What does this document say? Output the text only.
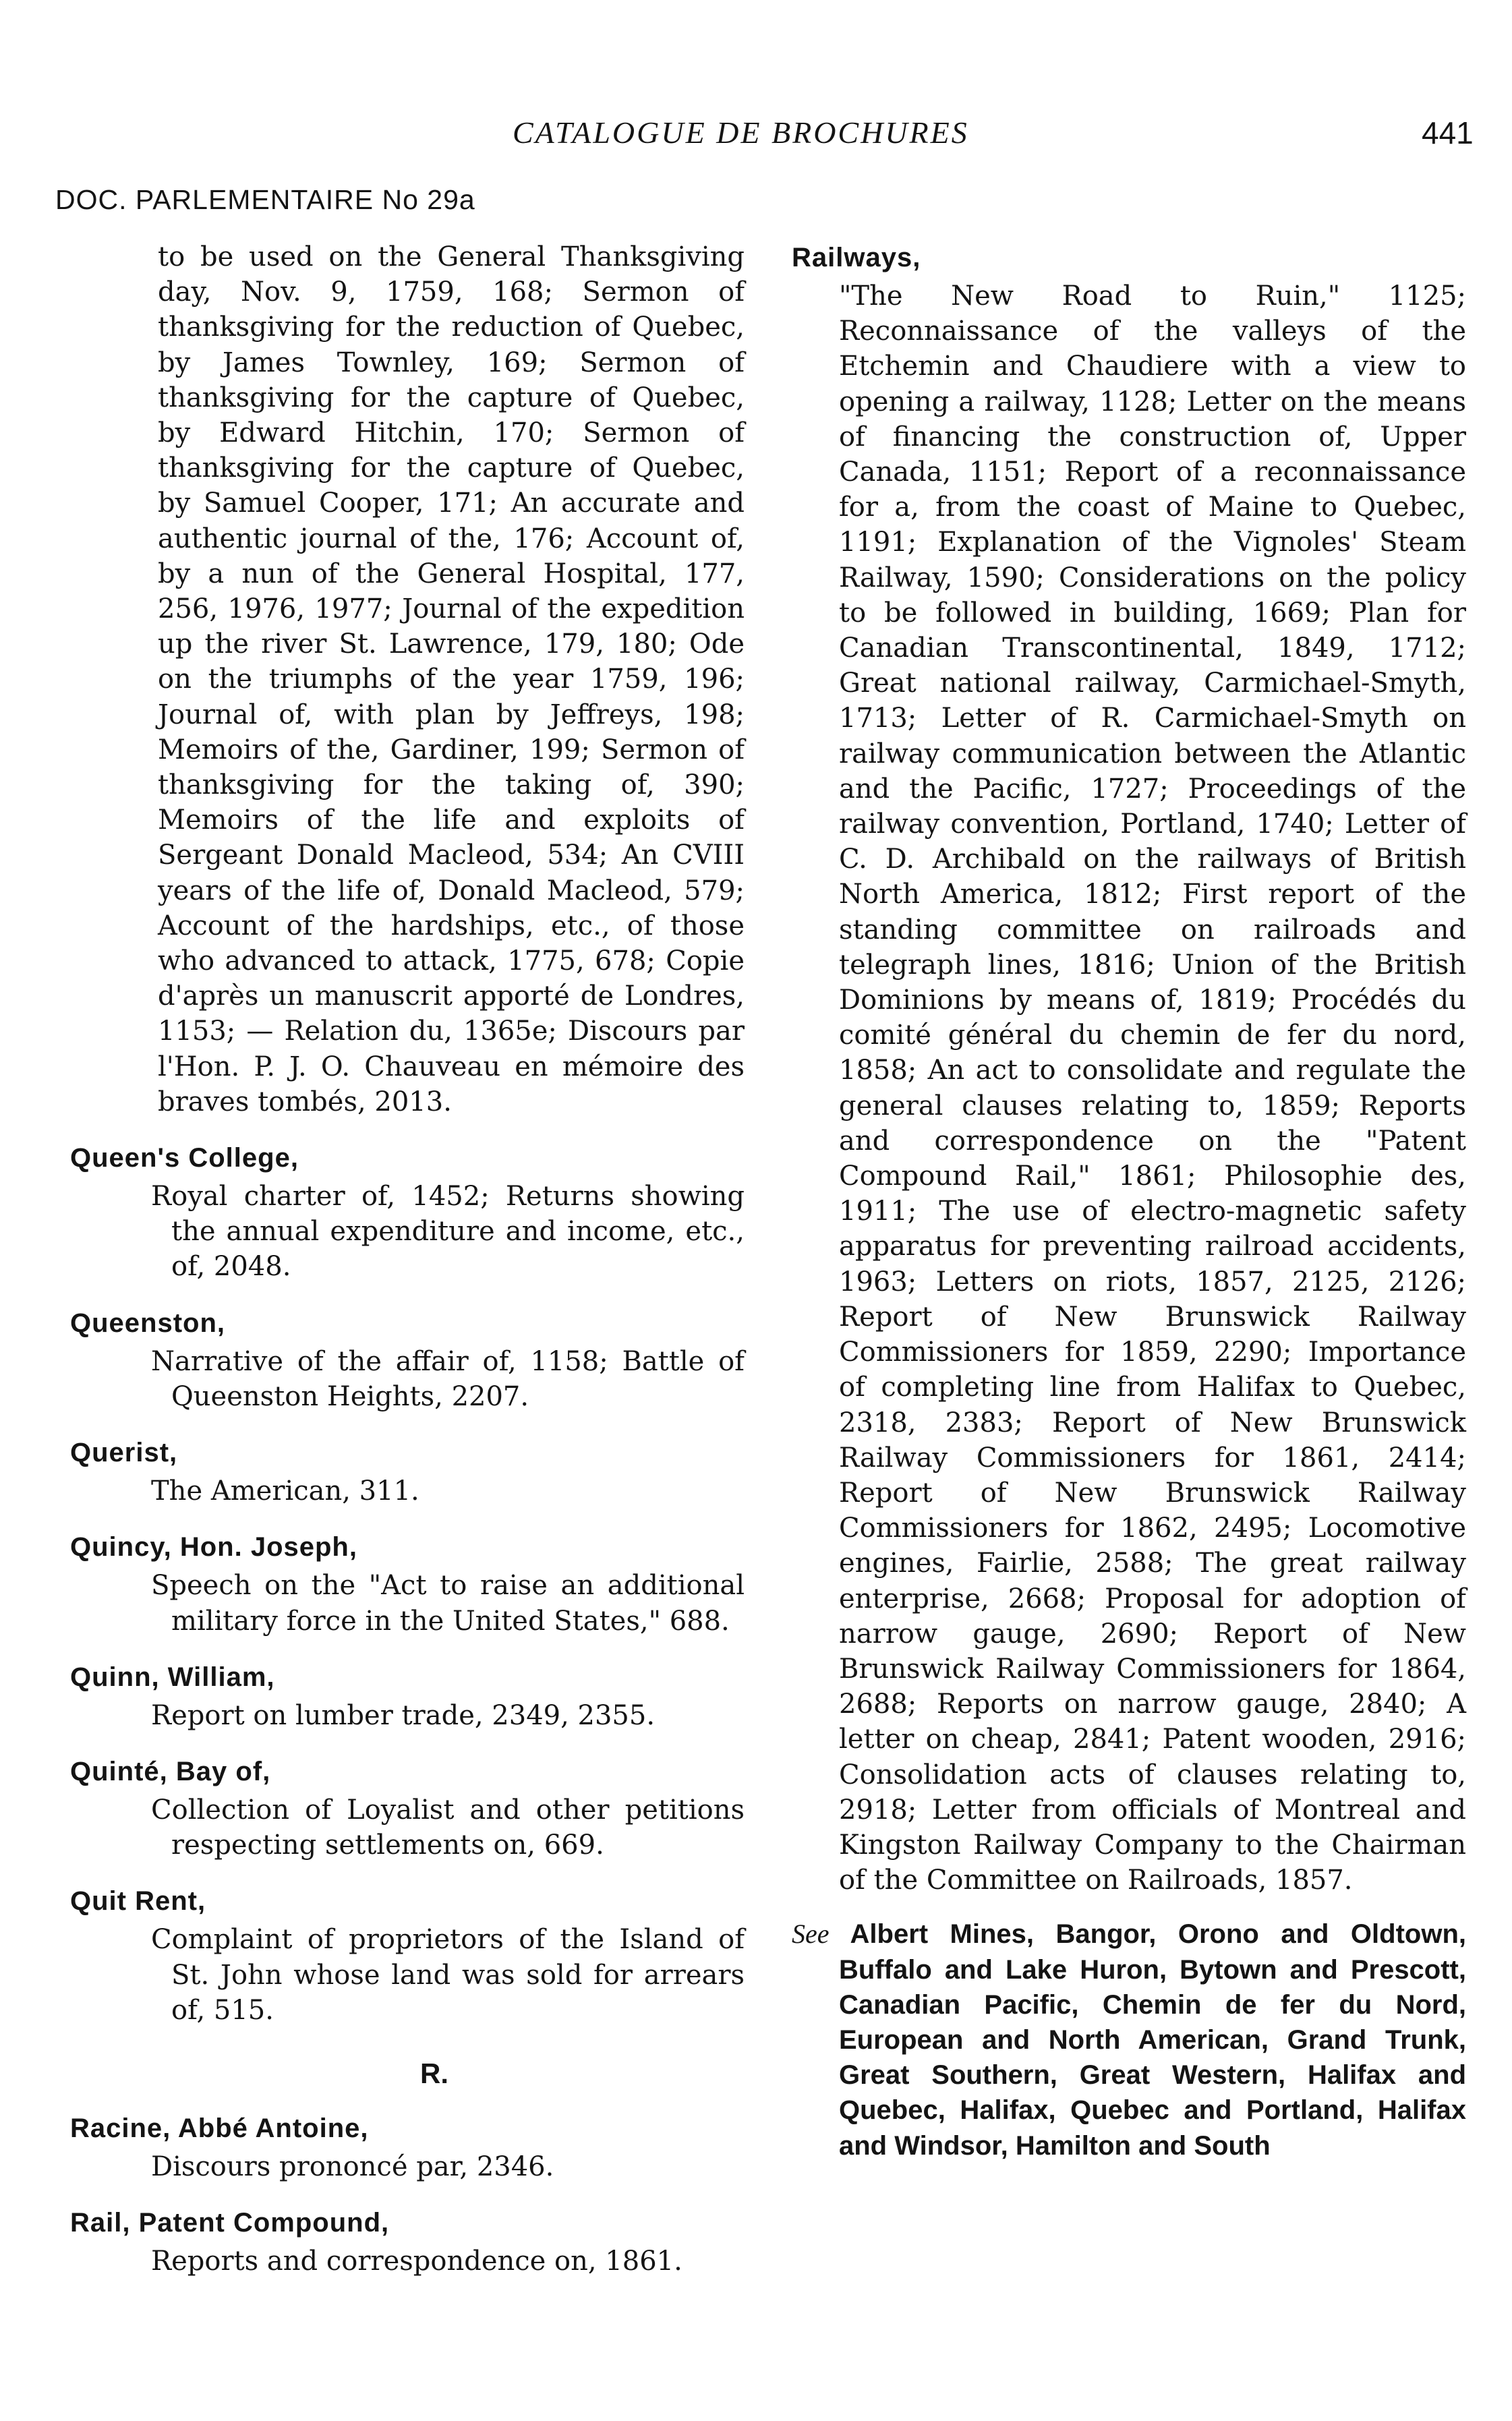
CATALOGUE DE BROCHURES	441
DOC. PARLEMENTAIRE No 29a

to be used on the General Thanksgiving day, Nov. 9, 1759, 168; Sermon of thanksgiving for the reduction of Quebec, by James Townley, 169; Sermon of thanksgiving for the capture of Quebec, by Edward Hitchin, 170; Sermon of thanksgiving for the capture of Quebec, by Samuel Cooper, 171; An accurate and authentic journal of the, 176; Account of, by a nun of the General Hospital, 177, 256, 1976, 1977; Journal of the expedition up the river St. Lawrence, 179, 180; Ode on the triumphs of the year 1759, 196; Journal of, with plan by Jeffreys, 198; Memoirs of the, Gardiner, 199; Sermon of thanksgiving for the taking of, 390; Memoirs of the life and exploits of Sergeant Donald Macleod, 534; An CVIII years of the life of, Donald Macleod, 579; Account of the hardships, etc., of those who advanced to attack, 1775, 678; Copie d'après un manuscrit apporté de Londres, 1153; — Relation du, 1365e; Discours par l'Hon. P. J. O. Chauveau en mémoire des braves tombés, 2013.

Queen's College,

Royal charter of, 1452; Returns showing the annual expenditure and income, etc., of, 2048.

Queenston,

Narrative of the affair of, 1158; Battle of Queenston Heights, 2207.

Querist,

The American, 311.

Quincy, Hon. Joseph,

Speech on the "Act to raise an additional military force in the United States," 688.

Quinn, William,

Report on lumber trade, 2349, 2355.

Quinté, Bay of,

Collection of Loyalist and other petitions respecting settlements on, 669.

Quit Rent,

Complaint of proprietors of the Island of St. John whose land was sold for arrears of, 515.

R.
Racine, Abbé Antoine,

Discours prononcé par, 2346.

Rail, Patent Compound,

Reports and correspondence on, 1861.

Railways,

"The New Road to Ruin," 1125; Reconnaissance of the valleys of the Etchemin and Chaudiere with a view to opening a railway, 1128; Letter on the means of financing the construction of, Upper Canada, 1151; Report of a reconnaissance for a, from the coast of Maine to Quebec, 1191; Explanation of the Vignoles' Steam Railway, 1590; Considerations on the policy to be followed in building, 1669; Plan for Canadian Transcontinental, 1849, 1712; Great national railway, Carmichael-Smyth, 1713; Letter of R. Carmichael-Smyth on railway communication between the Atlantic and the Pacific, 1727; Proceedings of the railway convention, Portland, 1740; Letter of C. D. Archibald on the railways of British North America, 1812; First report of the standing committee on railroads and telegraph lines, 1816; Union of the British Dominions by means of, 1819; Procédés du comité général du chemin de fer du nord, 1858; An act to consolidate and regulate the general clauses relating to, 1859; Reports and correspondence on the "Patent Compound Rail," 1861; Philosophie des, 1911; The use of electro-magnetic safety apparatus for preventing railroad accidents, 1963; Letters on riots, 1857, 2125, 2126; Report of New Brunswick Railway Commissioners for 1859, 2290; Importance of completing line from Halifax to Quebec, 2318, 2383; Report of New Brunswick Railway Commissioners for 1861, 2414; Report of New Brunswick Railway Commissioners for 1862, 2495; Locomotive engines, Fairlie, 2588; The great railway enterprise, 2668; Proposal for adoption of narrow gauge, 2690; Report of New Brunswick Railway Commissioners for 1864, 2688; Reports on narrow gauge, 2840; A letter on cheap, 2841; Patent wooden, 2916; Consolidation acts of clauses relating to, 2918; Letter from officials of Montreal and Kingston Railway Company to the Chairman of the Committee on Railroads, 1857.

See Albert Mines, Bangor, Orono and Oldtown, Buffalo and Lake Huron, Bytown and Prescott, Canadian Pacific, Chemin de fer du Nord, European and North American, Grand Trunk, Great Southern, Great Western, Halifax and Quebec, Halifax, Quebec and Portland, Halifax and Windsor, Hamilton and South
